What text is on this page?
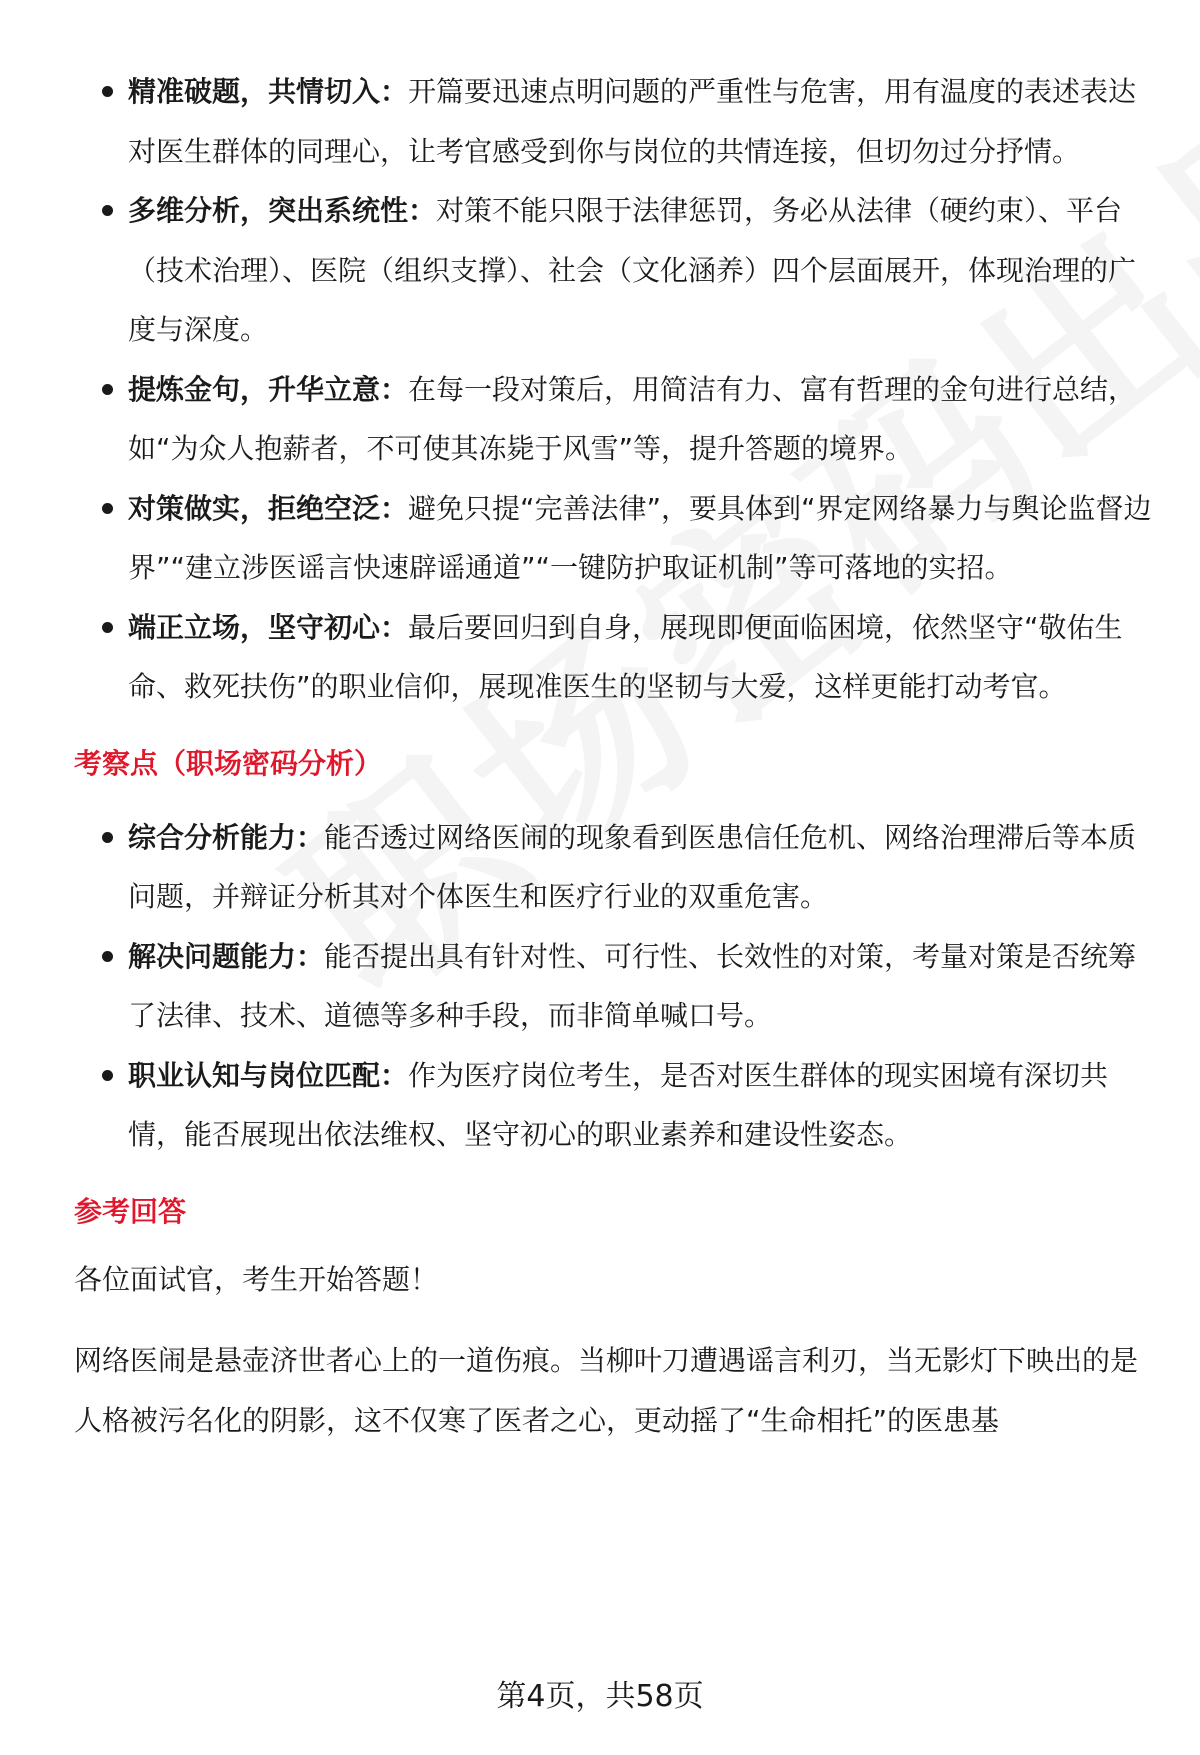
精准破题，共情切入：开篇要迅速点明问题的严重性与危害，用有温度的表述表达对医生群体的同理心，让考官感受到你与岗位的共情连接，但切勿过分抒情。
多维分析，突出系统性：对策不能只限于法律惩罚，务必从法律（硬约束）、平台（技术治理）、医院（组织支撑）、社会（文化涵养）四个层面展开，体现治理的广度与深度。
提炼金句，升华立意：在每一段对策后，用简洁有力、富有哲理的金句进行总结，如“为众人抱薪者，不可使其冻毙于风雪”等，提升答题的境界。
对策做实，拒绝空泛：避免只提“完善法律”，要具体到“界定网络暴力与舆论监督边界”“建立涉医谣言快速辟谣通道”“一键防护取证机制”等可落地的实招。
端正立场，坚守初心：最后要回归到自身，展现即便面临困境，依然坚守“敬佑生命、救死扶伤”的职业信仰，展现准医生的坚韧与大爱，这样更能打动考官。
考察点（职场密码分析）
综合分析能力：能否透过网络医闹的现象看到医患信任危机、网络治理滞后等本质问题，并辩证分析其对个体医生和医疗行业的双重危害。
解决问题能力：能否提出具有针对性、可行性、长效性的对策，考量对策是否统筹了法律、技术、道德等多种手段，而非简单喊口号。
职业认知与岗位匹配：作为医疗岗位考生，是否对医生群体的现实困境有深切共情，能否展现出依法维权、坚守初心的职业素养和建设性姿态。
参考回答

各位面试官，考生开始答题！

网络医闹是悬壶济世者心上的一道伤痕。当柳叶刀遭遇谣言利刃，当无影灯下映出的是人格被污名化的阴影，这不仅寒了医者之心，更动摇了“生命相托”的医患基

第4页，共58页
